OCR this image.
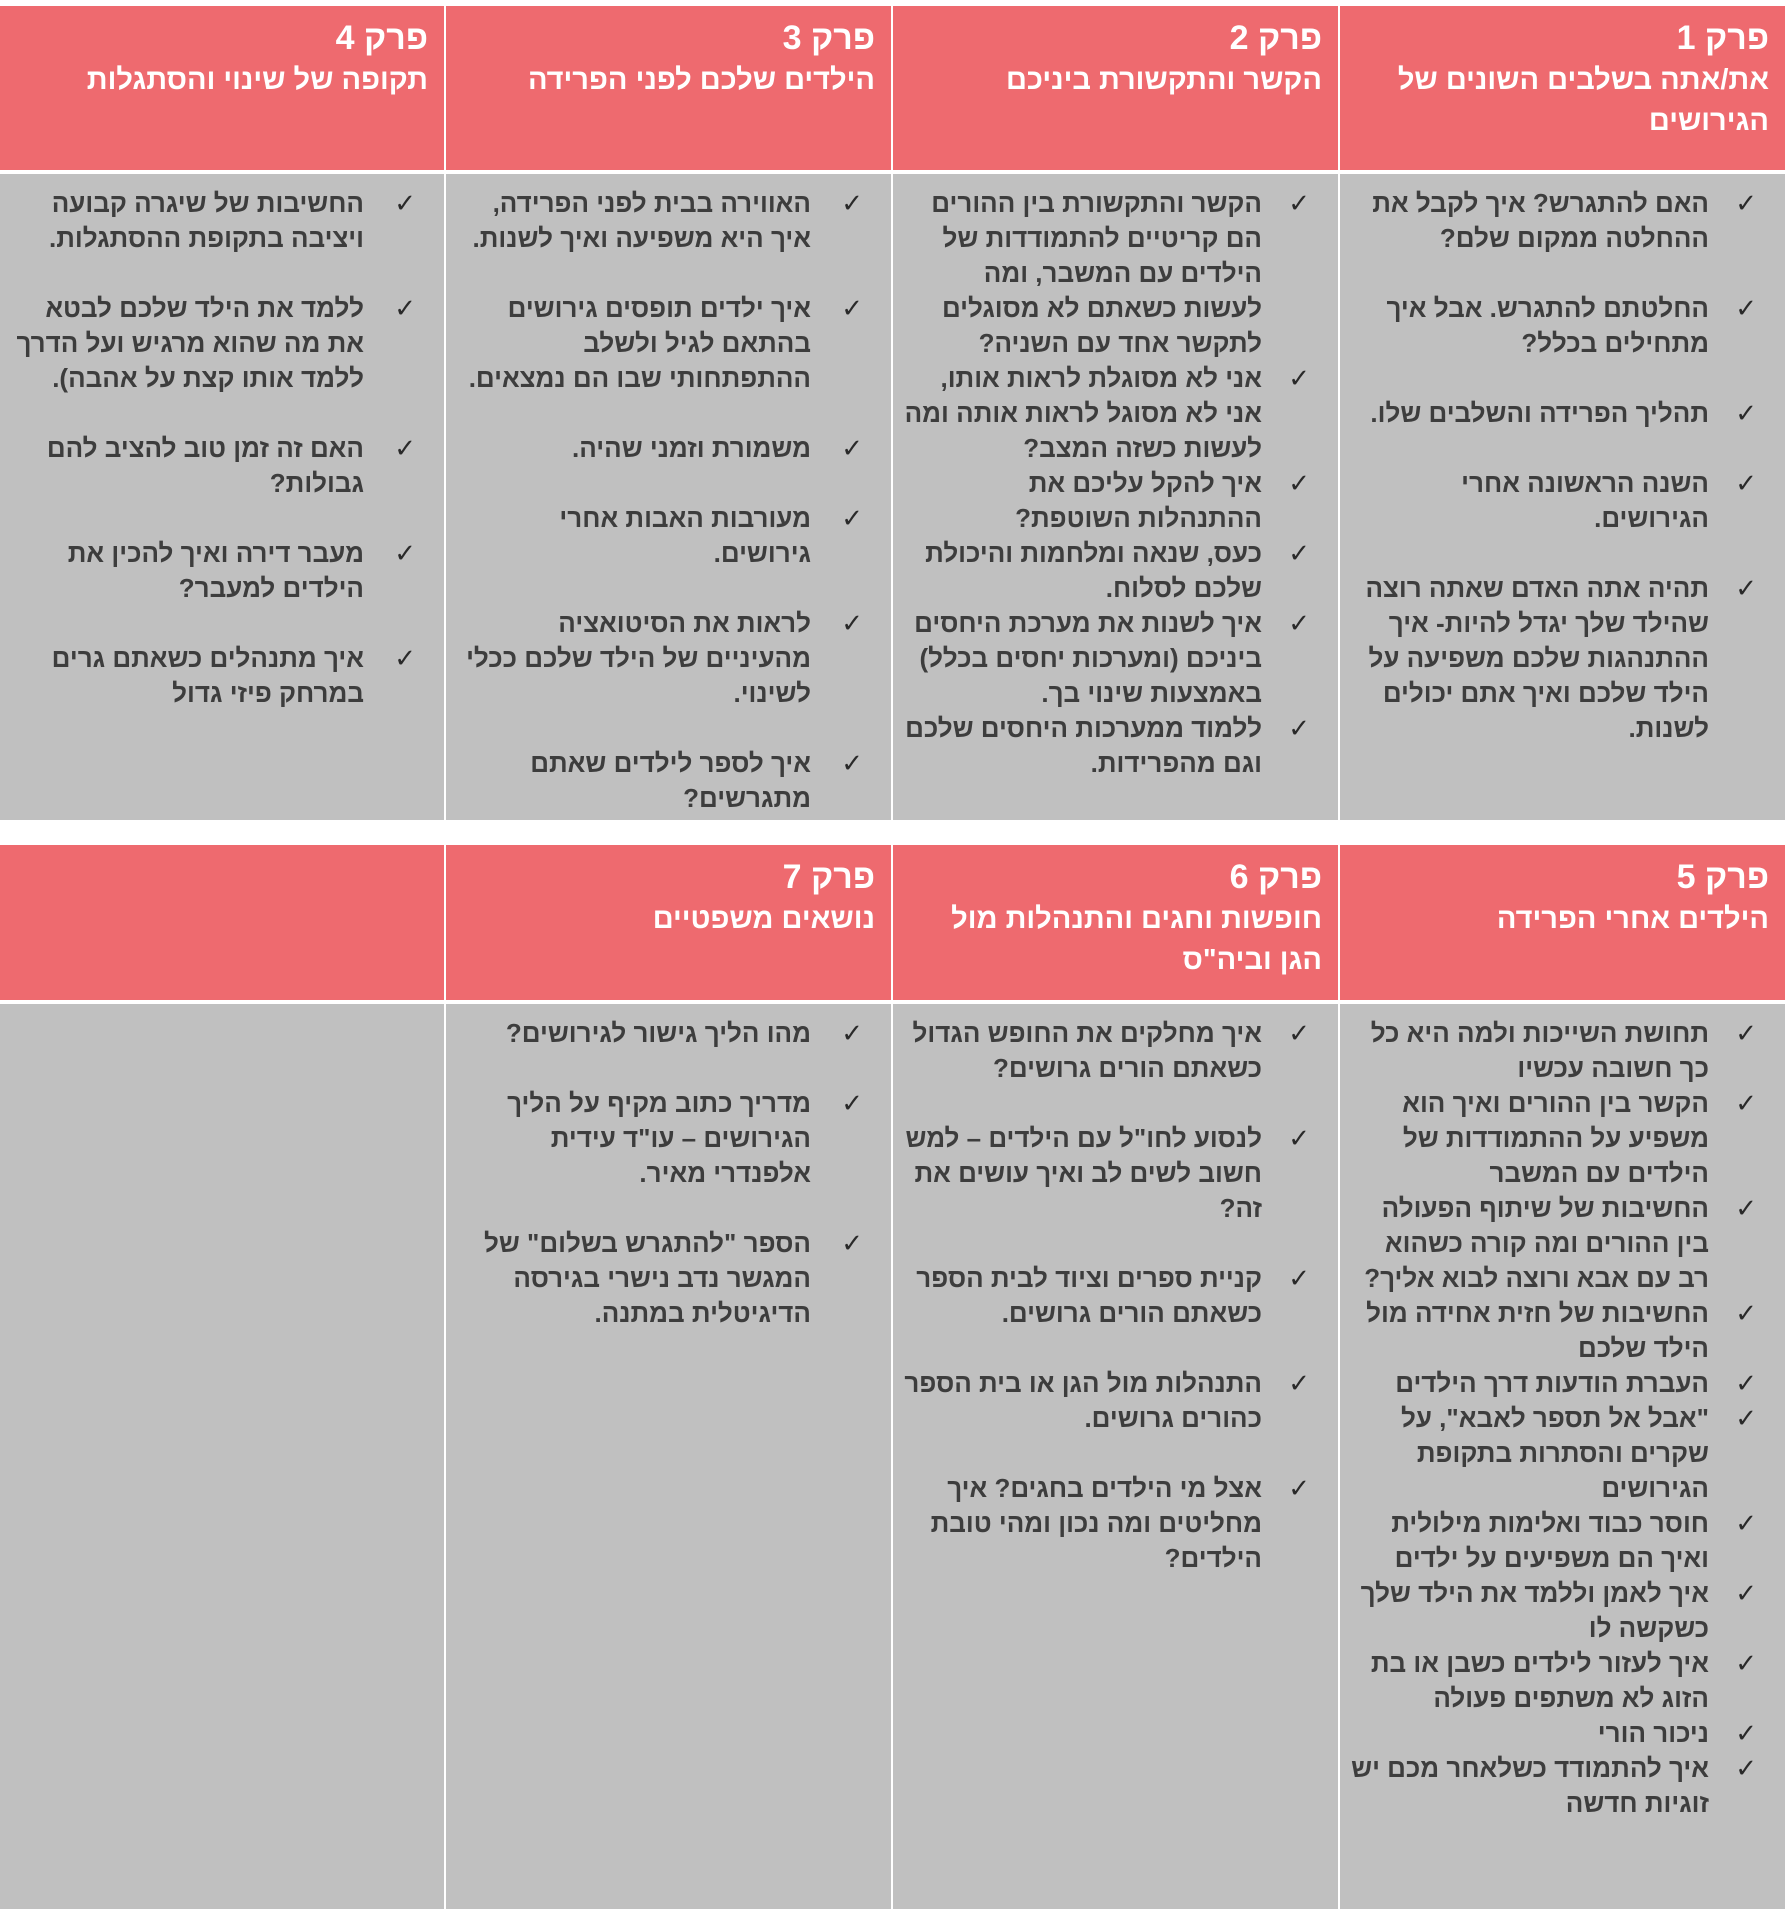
פרק 1
את/אתה בשלבים השונים של הגירושים
פרק 2
הקשר והתקשורת ביניכם
פרק 3
הילדים שלכם לפני הפרידה
פרק 4
תקופה של שינוי והסתגלות
✓
האם להתגרש? איך לקבל את ההחלטה ממקום שלם?
✓
החלטתם להתגרש. אבל איך מתחילים בכלל?
✓
תהליך הפרידה והשלבים שלו.
✓
השנה הראשונה אחרי הגירושים.
✓
תהיה אתה האדם שאתה רוצה שהילד שלך יגדל להיות- איך ההתנהגות שלכם משפיעה על הילד שלכם ואיך אתם יכולים לשנות.
✓
הקשר והתקשורת בין ההורים הם קריטיים להתמודדות של הילדים עם המשבר, ומה לעשות כשאתם לא מסוגלים לתקשר אחד עם השניה?
✓
אני לא מסוגלת לראות אותו, אני לא מסוגל לראות אותה ומה לעשות כשזה המצב?
✓
איך להקל עליכם את ההתנהלות השוטפת?
✓
כעס, שנאה ומלחמות והיכולת שלכם לסלוח.
✓
איך לשנות את מערכת היחסים ביניכם (ומערכות יחסים בכלל) באמצעות שינוי בך.
✓
ללמוד ממערכות היחסים שלכם וגם מהפרידות.
✓
האווירה בבית לפני הפרידה, איך היא משפיעה ואיך לשנות.
✓
איך ילדים תופסים גירושים בהתאם לגיל ולשלב ההתפתחותי שבו הם נמצאים.
✓
משמורת וזמני שהיה.
✓
מעורבות האבות אחרי גירושים.
✓
לראות את הסיטואציה מהעיניים של הילד שלכם ככלי לשינוי.
✓
איך לספר לילדים שאתם מתגרשים?
✓
החשיבות של שיגרה קבועה ויציבה בתקופת ההסתגלות.
✓
ללמד את הילד שלכם לבטא את מה שהוא מרגיש ועל הדרך ללמד אותו קצת על אהבה).
✓
האם זה זמן טוב להציב להם גבולות?
✓
מעבר דירה ואיך להכין את הילדים למעבר?
✓
איך מתנהלים כשאתם גרים במרחק פיזי גדול
פרק 5
הילדים אחרי הפרידה
פרק 6
חופשות וחגים והתנהלות מול הגן וביה"ס
פרק 7
נושאים משפטיים
✓
תחושת השייכות ולמה היא כל כך חשובה עכשיו
✓
הקשר בין ההורים ואיך הוא משפיע על ההתמודדות של הילדים עם המשבר
✓
החשיבות של שיתוף הפעולה בין ההורים ומה קורה כשהוא רב עם אבא ורוצה לבוא אליך?
✓
החשיבות של חזית אחידה מול הילד שלכם
✓
העברת הודעות דרך הילדים
✓
"אבל אל תספר לאבא", על שקרים והסתרות בתקופת הגירושים
✓
חוסר כבוד ואלימות מילולית ואיך הם משפיעים על ילדים
✓
איך לאמן וללמד את הילד שלך כשקשה לו
✓
איך לעזור לילדים כשבן או בת הזוג לא משתפים פעולה
✓
ניכור הורי
✓
איך להתמודד כשלאחר מכם יש זוגיות חדשה
✓
איך מחלקים את החופש הגדול כשאתם הורים גרושים?
✓
לנסוע לחו"ל עם הילדים – למש חשוב לשים לב ואיך עושים את זה?
✓
קניית ספרים וציוד לבית הספר כשאתם הורים גרושים.
✓
התנהלות מול הגן או בית הספר כהורים גרושים.
✓
אצל מי הילדים בחגים? איך מחליטים ומה נכון ומהי טובת הילדים?
✓
מהו הליך גישור לגירושים?
✓
מדריך כתוב מקיף על הליך הגירושים – עו"ד עידית אלפנדרי מאיר.
✓
הספר "להתגרש בשלום" של המגשר נדב נישרי בגירסה הדיגיטלית במתנה.
